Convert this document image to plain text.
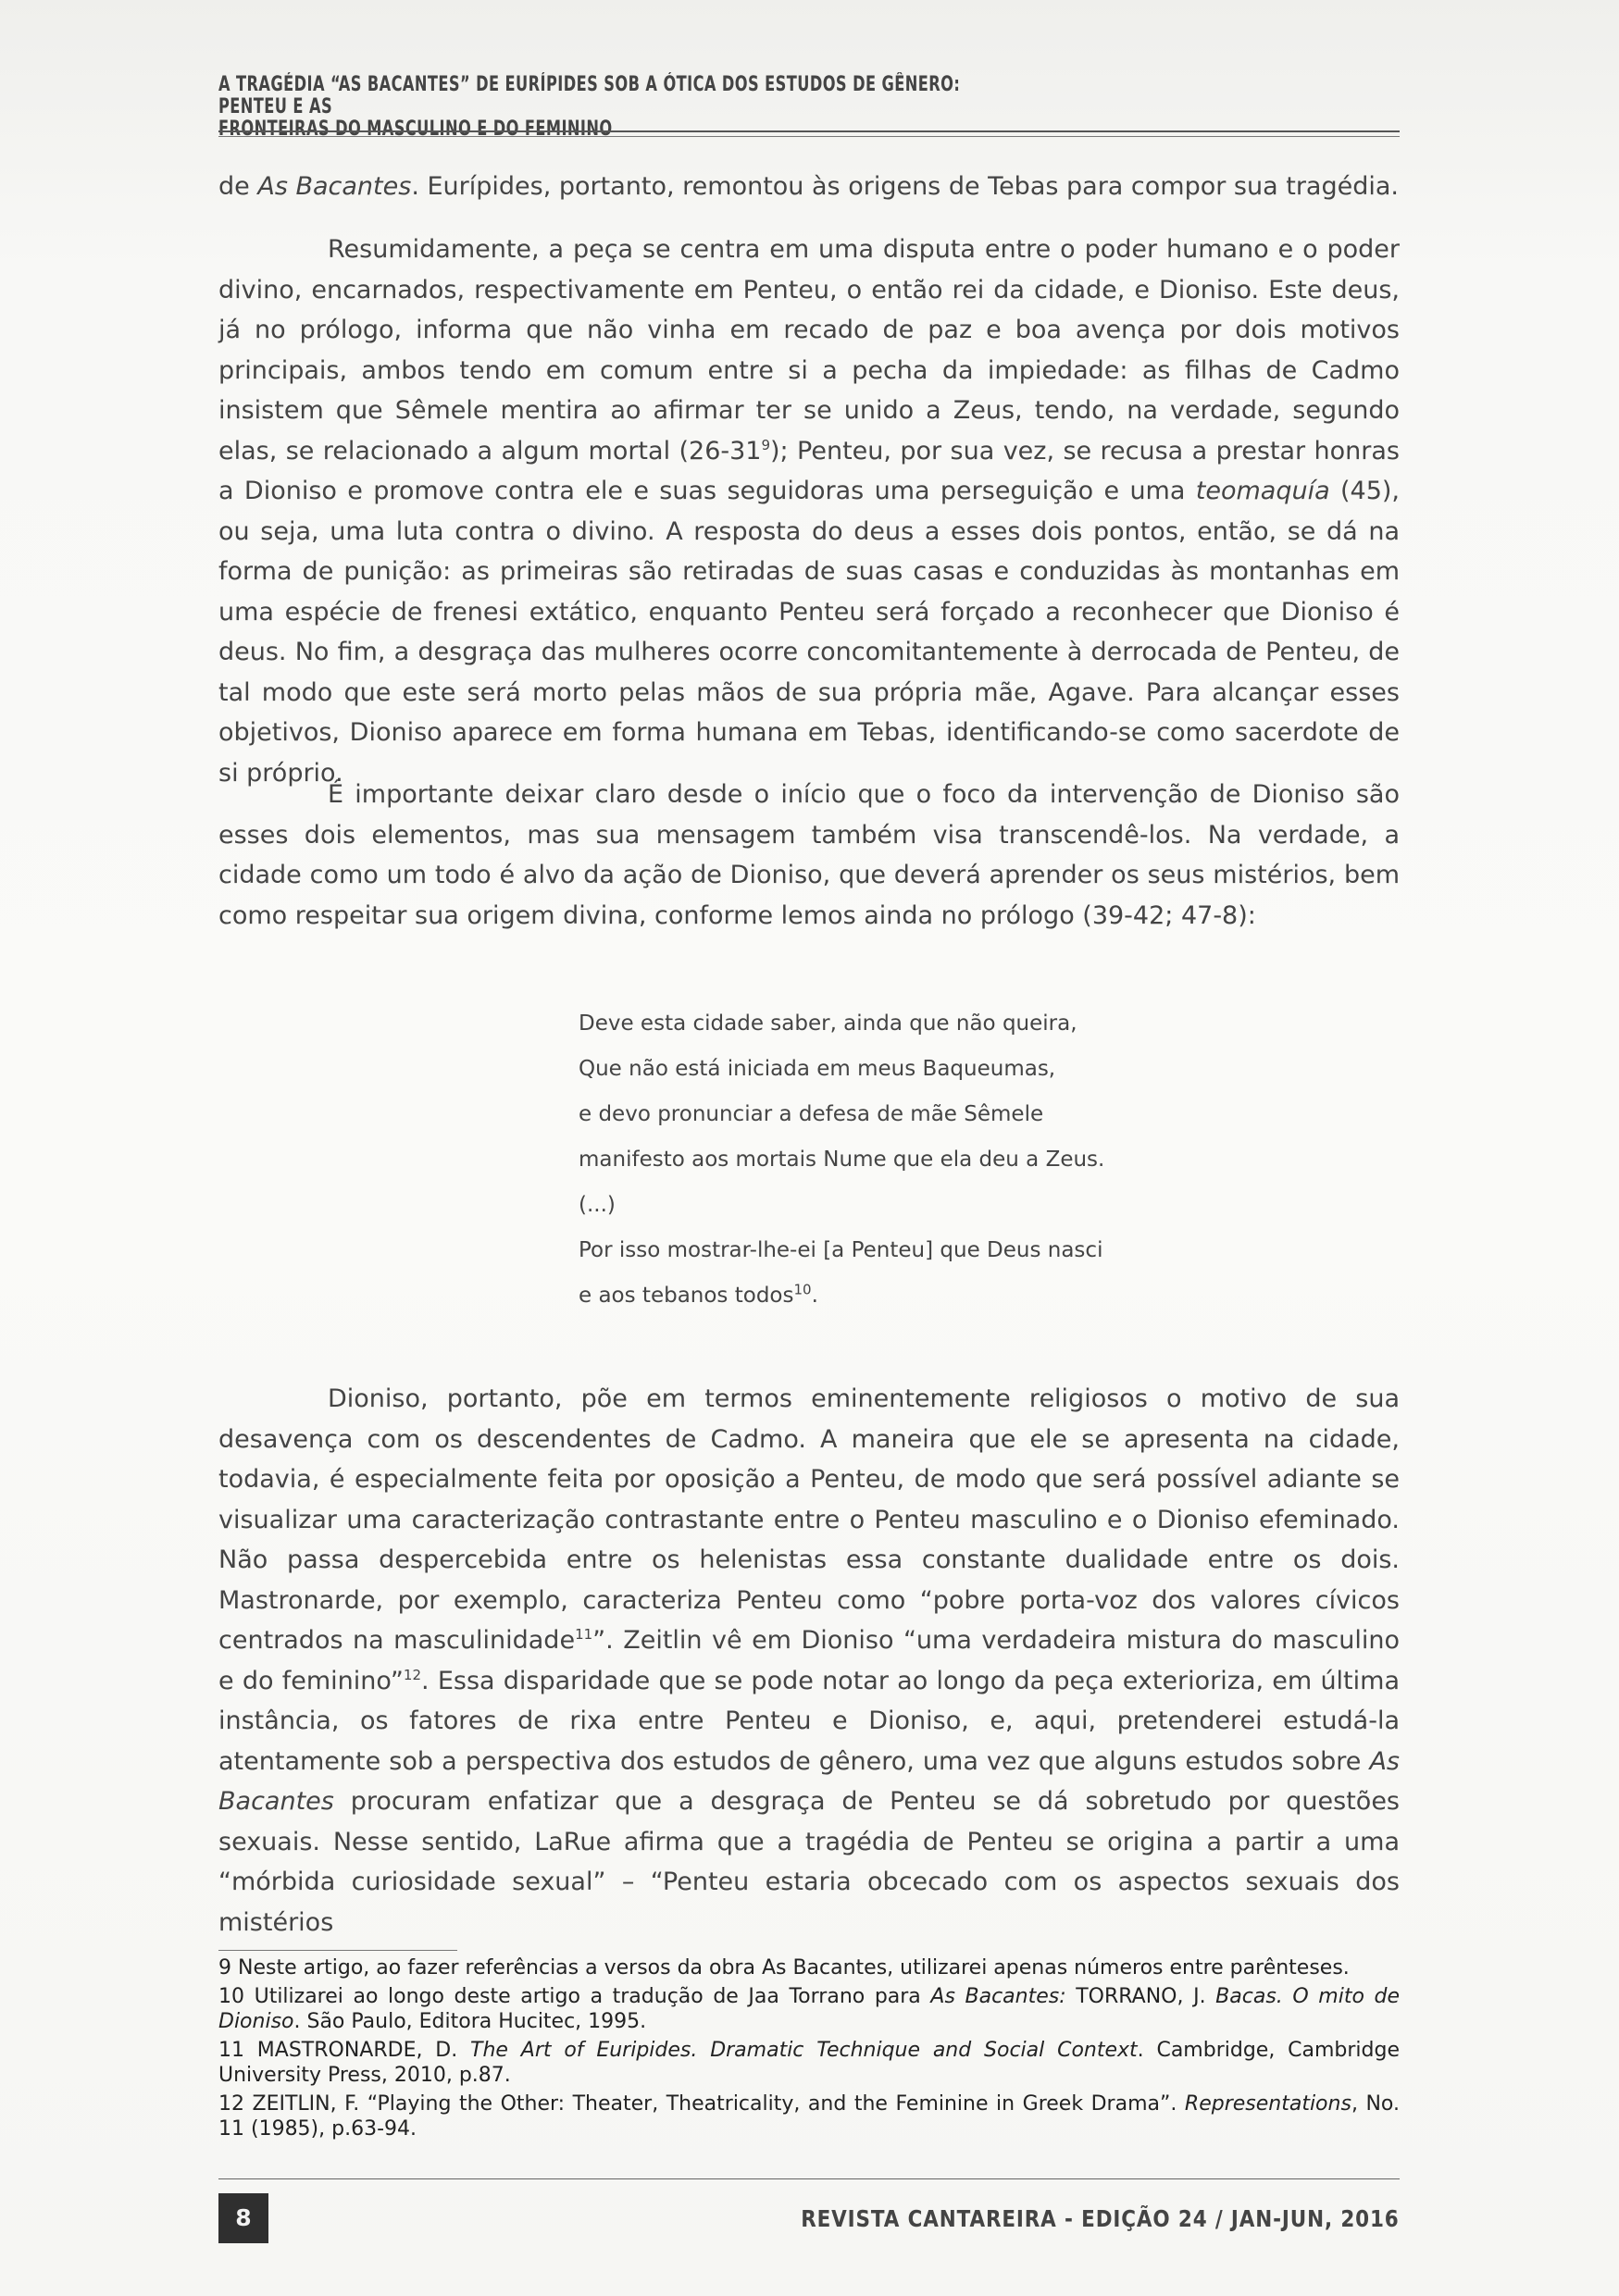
A TRAGÉDIA “AS BACANTES” DE EURÍPIDES SOB A ÓTICA DOS ESTUDOS DE GÊNERO: PENTEU E AS
FRONTEIRAS DO MASCULINO E DO FEMININO

de As Bacantes. Eurípides, portanto, remontou às origens de Tebas para compor sua tragédia.

Resumidamente, a peça se centra em uma disputa entre o poder humano e o poder divino, encarnados, respectivamente em Penteu, o então rei da cidade, e Dioniso. Este deus, já no prólogo, informa que não vinha em recado de paz e boa avença por dois motivos principais, ambos tendo em comum entre si a pecha da impiedade: as filhas de Cadmo insistem que Sêmele mentira ao afirmar ter se unido a Zeus, tendo, na verdade, segundo elas, se relacionado a algum mortal $(26-31^9)$; Penteu, por sua vez, se recusa a prestar honras a Dioniso e promove contra ele e suas seguidoras uma perseguição e uma teomaquía (45), ou seja, uma luta contra o divino. A resposta do deus a esses dois pontos, então, se dá na forma de punição: as primeiras são retiradas de suas casas e conduzidas às montanhas em uma espécie de frenesi extático, enquanto Penteu será forçado a reconhecer que Dioniso é deus. No fim, a desgraça das mulheres ocorre concomitantemente à derrocada de Penteu, de tal modo que este será morto pelas mãos de sua própria mãe, Agave. Para alcançar esses objetivos, Dioniso aparece em forma humana em Tebas, identificando-se como sacerdote de si próprio.

É importante deixar claro desde o início que o foco da intervenção de Dioniso são esses dois elementos, mas sua mensagem também visa transcendê-los. Na verdade, a cidade como um todo é alvo da ação de Dioniso, que deverá aprender os seus mistérios, bem como respeitar sua origem divina, conforme lemos ainda no prólogo (39-42; 47-8):

Deve esta cidade saber, ainda que não queira,
Que não está iniciada em meus Baqueumas,
e devo pronunciar a defesa de mãe Sêmele
manifesto aos mortais Nume que ela deu a Zeus.
(...)
Por isso mostrar-lhe-ei [a Penteu] que Deus nasci
e aos tebanos todos$^{10}$.

Dioniso, portanto, põe em termos eminentemente religiosos o motivo de sua desavença com os descendentes de Cadmo. A maneira que ele se apresenta na cidade, todavia, é especialmente feita por oposição a Penteu, de modo que será possível adiante se visualizar uma caracterização contrastante entre o Penteu masculino e o Dioniso efeminado. Não passa despercebida entre os helenistas essa constante dualidade entre os dois. Mastronarde, por exemplo, caracteriza Penteu como “pobre porta-voz dos valores cívicos centrados na masculinidade$^{11}$”. Zeitlin vê em Dioniso “uma verdadeira mistura do masculino e do feminino”$^{12}$. Essa disparidade que se pode notar ao longo da peça exterioriza, em última instância, os fatores de rixa entre Penteu e Dioniso, e, aqui, pretenderei estudá-la atentamente sob a perspectiva dos estudos de gênero, uma vez que alguns estudos sobre As Bacantes procuram enfatizar que a desgraça de Penteu se dá sobretudo por questões sexuais. Nesse sentido, LaRue afirma que a tragédia de Penteu se origina a partir a uma “mórbida curiosidade sexual” – “Penteu estaria obcecado com os aspectos sexuais dos mistérios

9 Neste artigo, ao fazer referências a versos da obra As Bacantes, utilizarei apenas números entre parênteses.

10 Utilizarei ao longo deste artigo a tradução de Jaa Torrano para As Bacantes: TORRANO, J. Bacas. O mito de Dioniso. São Paulo, Editora Hucitec, 1995.

11 MASTRONARDE, D. The Art of Euripides. Dramatic Technique and Social Context. Cambridge, Cambridge University Press, 2010, p.87.

12 ZEITLIN, F. “Playing the Other: Theater, Theatricality, and the Feminine in Greek Drama”. Representations, No. 11 (1985), p.63-94.

8	REVISTA CANTAREIRA - EDIÇÃO 24 / JAN-JUN, 2016
